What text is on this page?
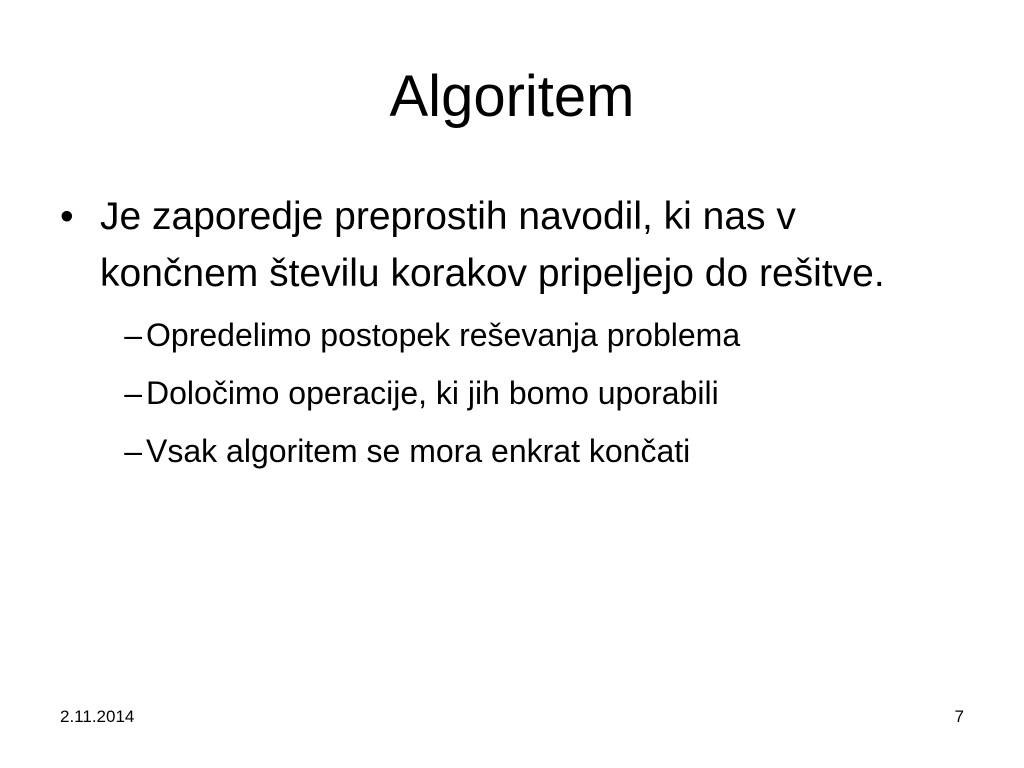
Algoritem
• Je zaporedje preprostih navodil, ki nas v končnem številu korakov pripeljejo do rešitve.
– Opredelimo postopek reševanja problema
– Določimo operacije, ki jih bomo uporabili
– Vsak algoritem se mora enkrat končati
2.11.2014	7
